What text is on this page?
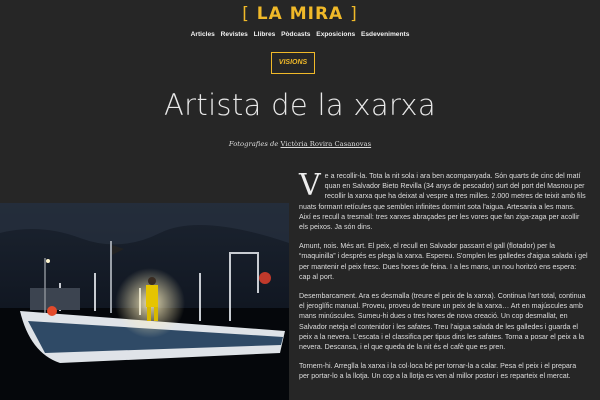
[ LA MIRA ]
Articles Revistes Llibres Pòdcasts Exposicions Esdeveniments
VISIONS
Artista de la xarxa
Fotografies de Victòria Rovira Casanovas

Ve a recollir-la. Tota la nit sola i ara ben acompanyada. Són quarts de cinc del matí quan en Salvador Bieto Revilla (34 anys de pescador) surt del port del Masnou per recollir la xarxa que ha deixat al vespre a tres milles. 2.000 metres de teixit amb fils nuats formant retícules que semblen infinites dormint sota l'aigua. Artesania a les mans. Així es recull a tresmall: tres xarxes abraçades per les vores que fan ziga-zaga per acollir els peixos. Ja són dins.

Amunt, nois. Més art. El peix, el recull en Salvador passant el gall (flotador) per la “maquinilla” i després es plega la xarxa. Espereu. S'omplen les galledes d'aigua salada i gel per mantenir el peix fresc. Dues hores de feina. I a les mans, un nou horitzó ens espera: cap al port.

Desembarcament. Ara es desmalla (treure el peix de la xarxa). Continua l'art total, continua el jeroglífic manual. Proveu, proveu de treure un peix de la xarxa… Art en majúscules amb mans minúscules. Sumeu-hi dues o tres hores de nova creació. Un cop desmallat, en Salvador neteja el contenidor i les safates. Treu l'aigua salada de les galledes i guarda el peix a la nevera. L'escata i el classifica per tipus dins les safates. Torna a posar el peix a la nevera. Descansa, i el que queda de la nit és el cafè que es pren.

Tornem-hi. Arreglla la xarxa i la col·loca bé per tornar-la a calar. Pesa el peix i el prepara per portar-lo a la llotja. Un cop a la llotja es ven al millor postor i es reparteix el mercat.
